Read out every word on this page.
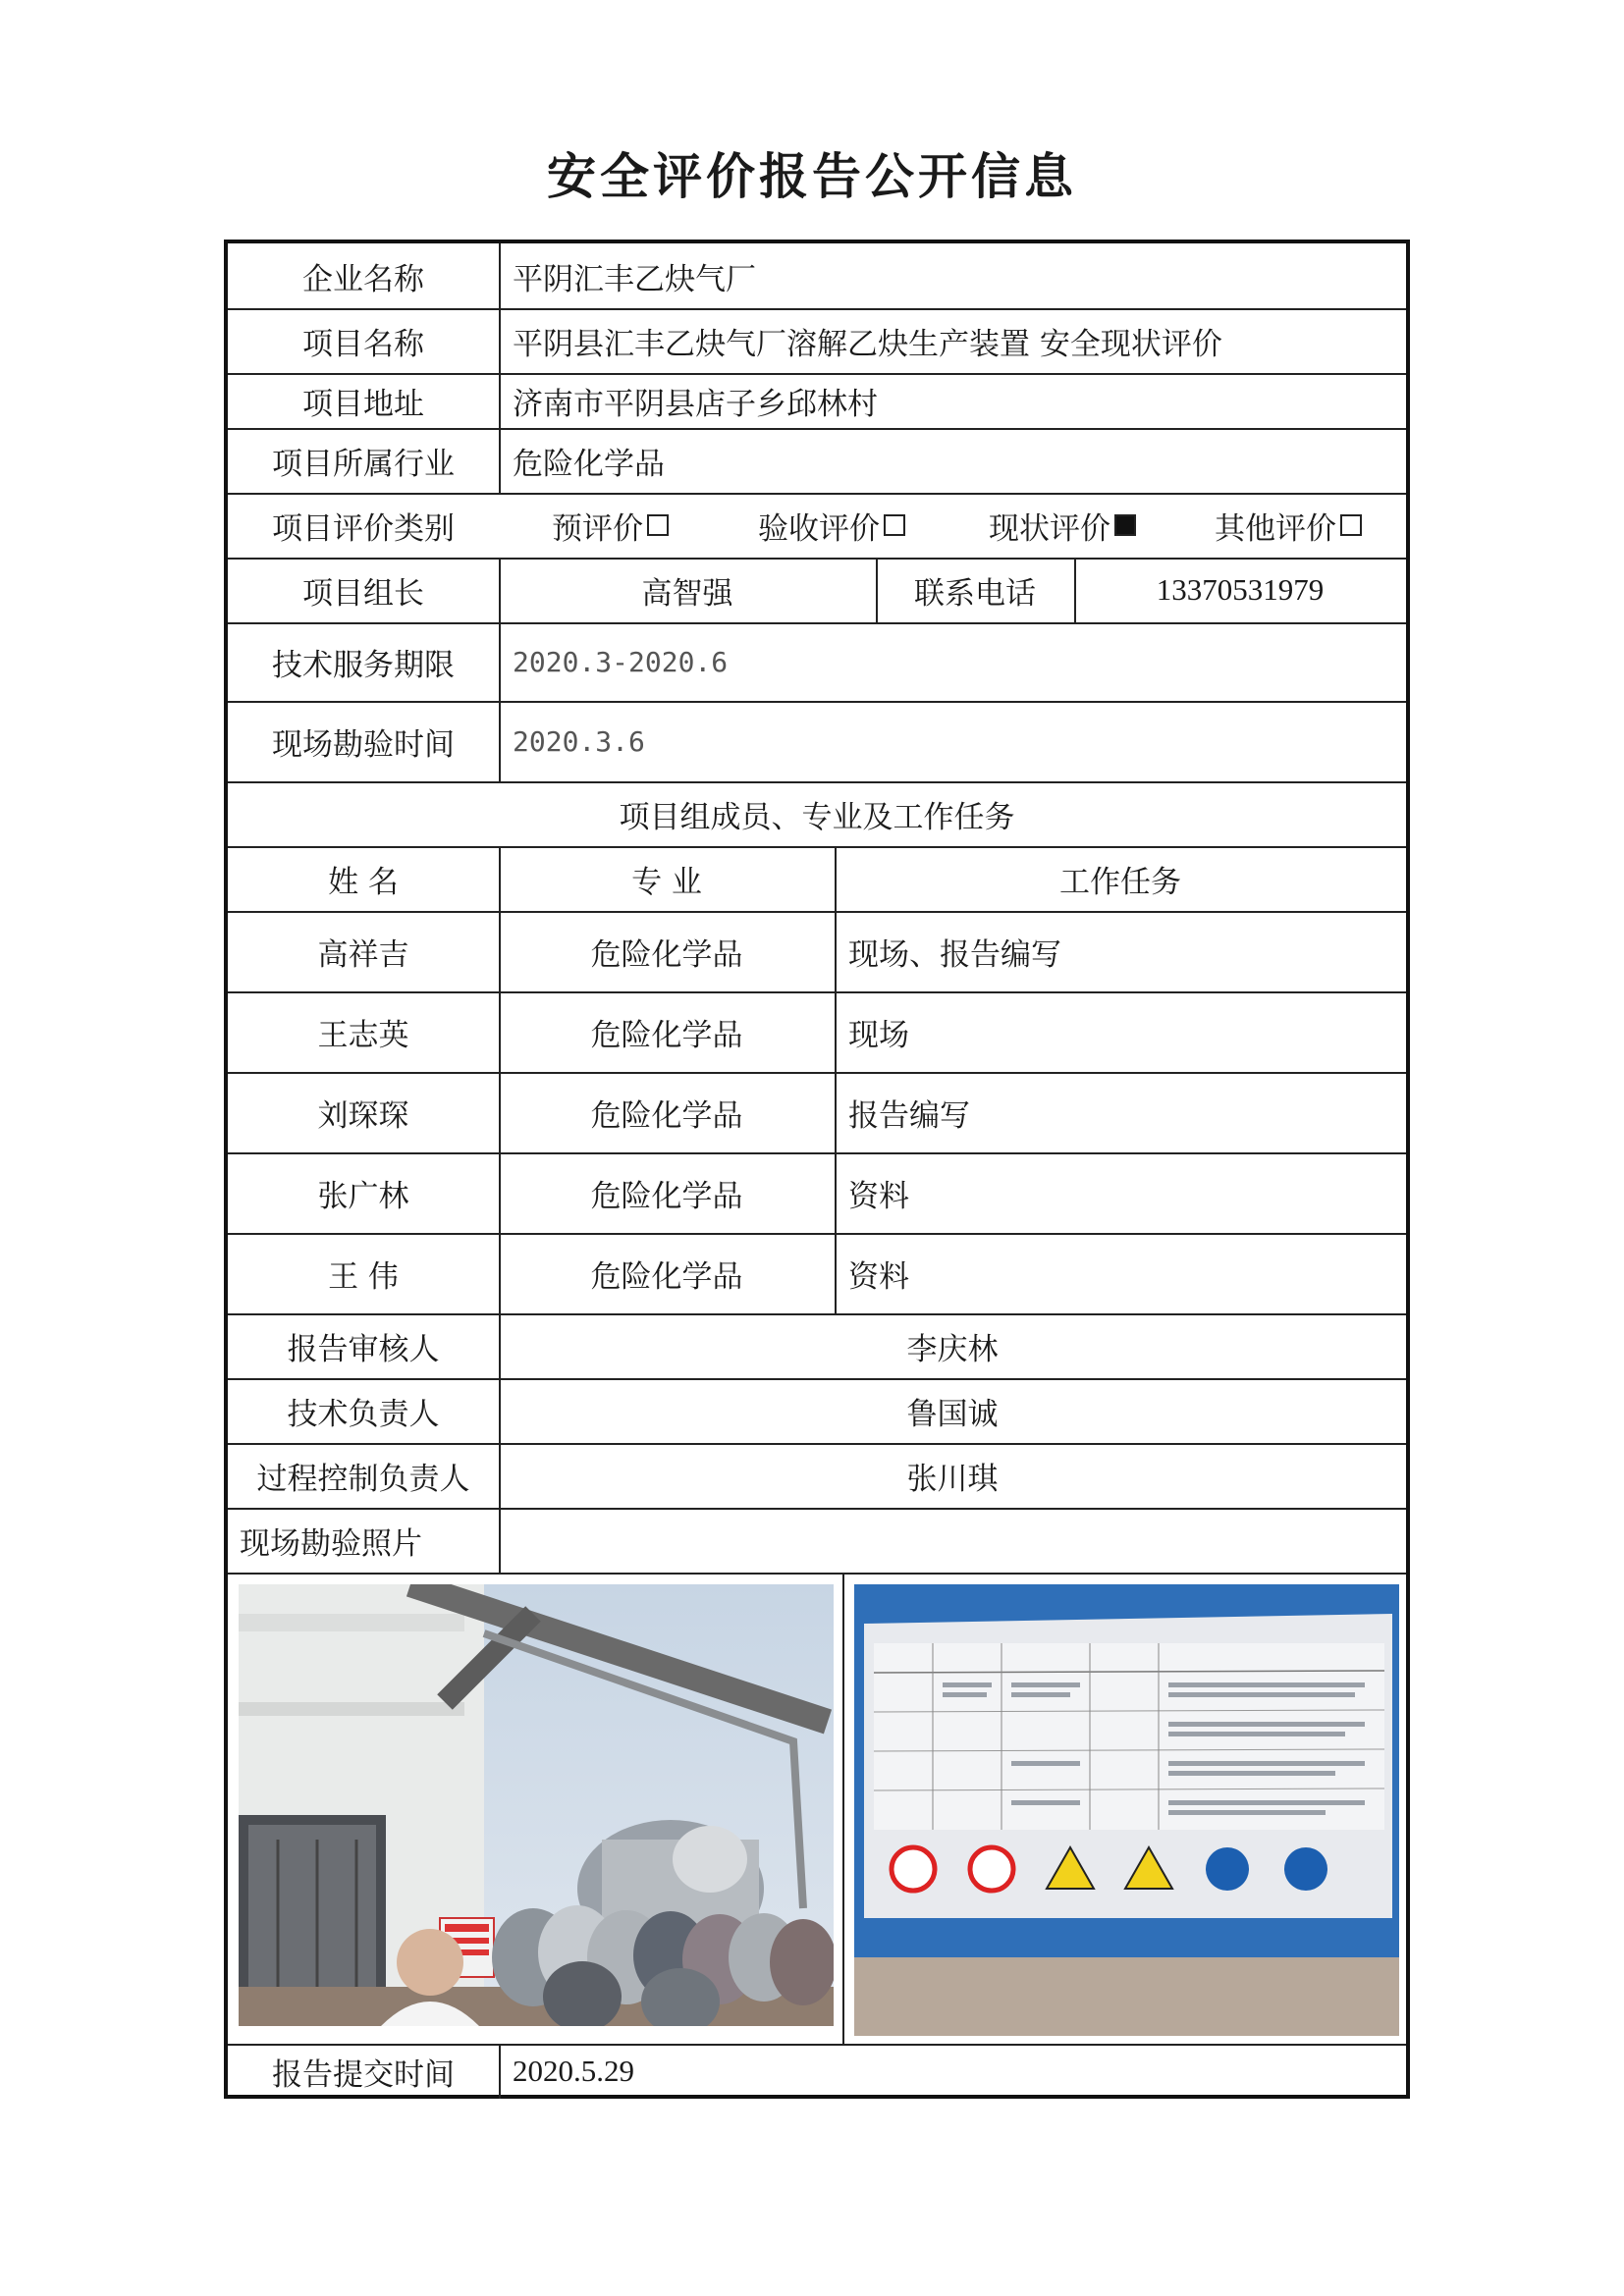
安全评价报告公开信息
企业名称	平阴汇丰乙炔气厂
项目名称	平阴县汇丰乙炔气厂溶解乙炔生产装置 安全现状评价
项目地址	济南市平阴县店子乡邱林村
项目所属行业	危险化学品
项目评价类别	预评价	验收评价	现状评价	其他评价
项目组长	高智强	联系电话	13370531979
技术服务期限	2020.3-2020.6
现场勘验时间	2020.3.6
项目组成员、专业及工作任务
姓 名	专 业	工作任务
高祥吉	危险化学品	现场、报告编写
王志英	危险化学品	现场
刘琛琛	危险化学品	报告编写
张广林	危险化学品	资料
王 伟	危险化学品	资料
报告审核人	李庆林
技术负责人	鲁国诚
过程控制负责人	张川琪
现场勘验照片
报告提交时间	2020.5.29
